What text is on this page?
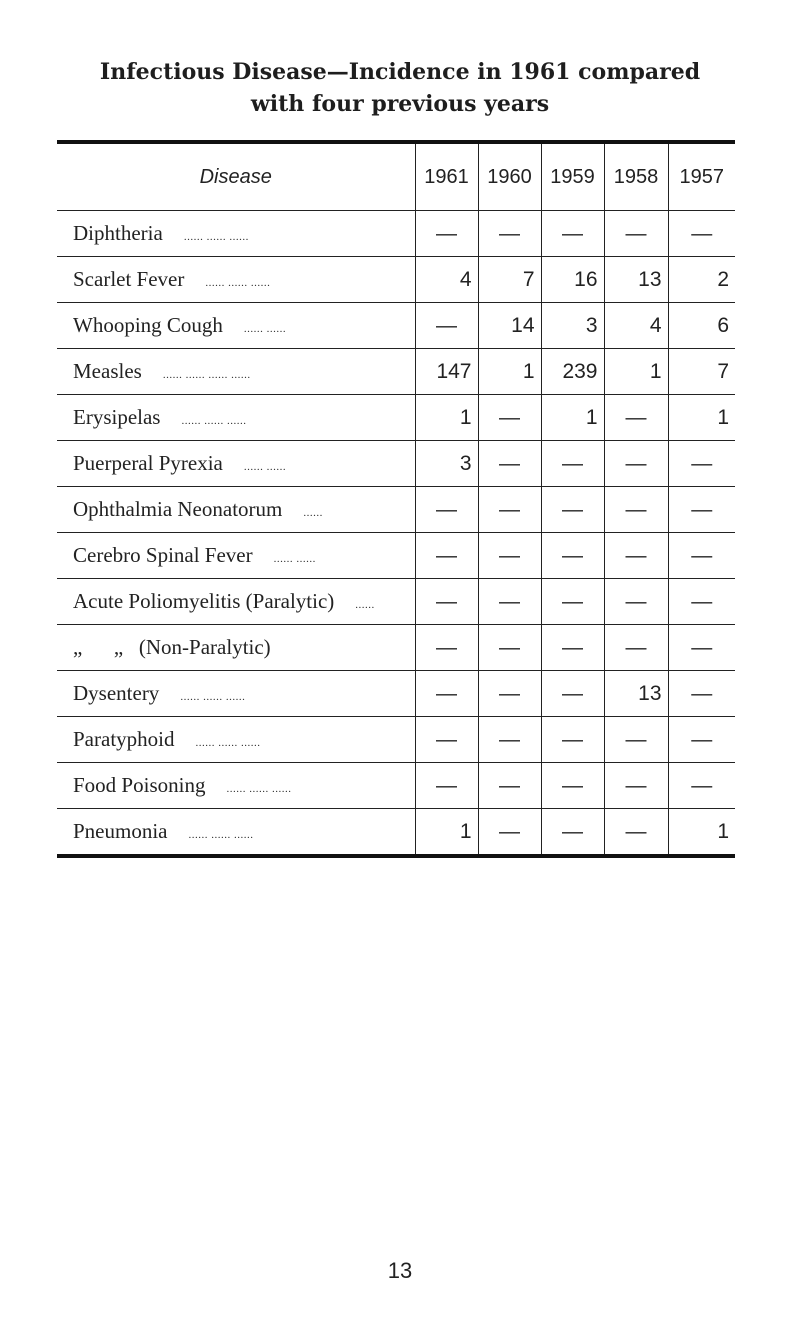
Infectious Disease—Incidence in 1961 compared
with four previous years
Disease	1961	1960	1959	1958	1957
Diphtheria  ...... ...... ......	—	—	—	—	—
Scarlet Fever  ...... ...... ......	4	7	16	13	2
Whooping Cough  ...... ......	—	14	3	4	6
Measles  ...... ...... ...... ......	147	1	239	1	7
Erysipelas  ...... ...... ......	1	—	1	—	1
Puerperal Pyrexia  ...... ......	3	—	—	—	—
Ophthalmia Neonatorum  ......	—	—	—	—	—
Cerebro Spinal Fever  ...... ......	—	—	—	—	—
Acute Poliomyelitis (Paralytic)  ......	—	—	—	—	—
„      „   (Non-Paralytic) 	—	—	—	—	—
Dysentery  ...... ...... ......	—	—	—	13	—
Paratyphoid  ...... ...... ......	—	—	—	—	—
Food Poisoning  ...... ...... ......	—	—	—	—	—
Pneumonia  ...... ...... ......	1	—	—	—	1
13
